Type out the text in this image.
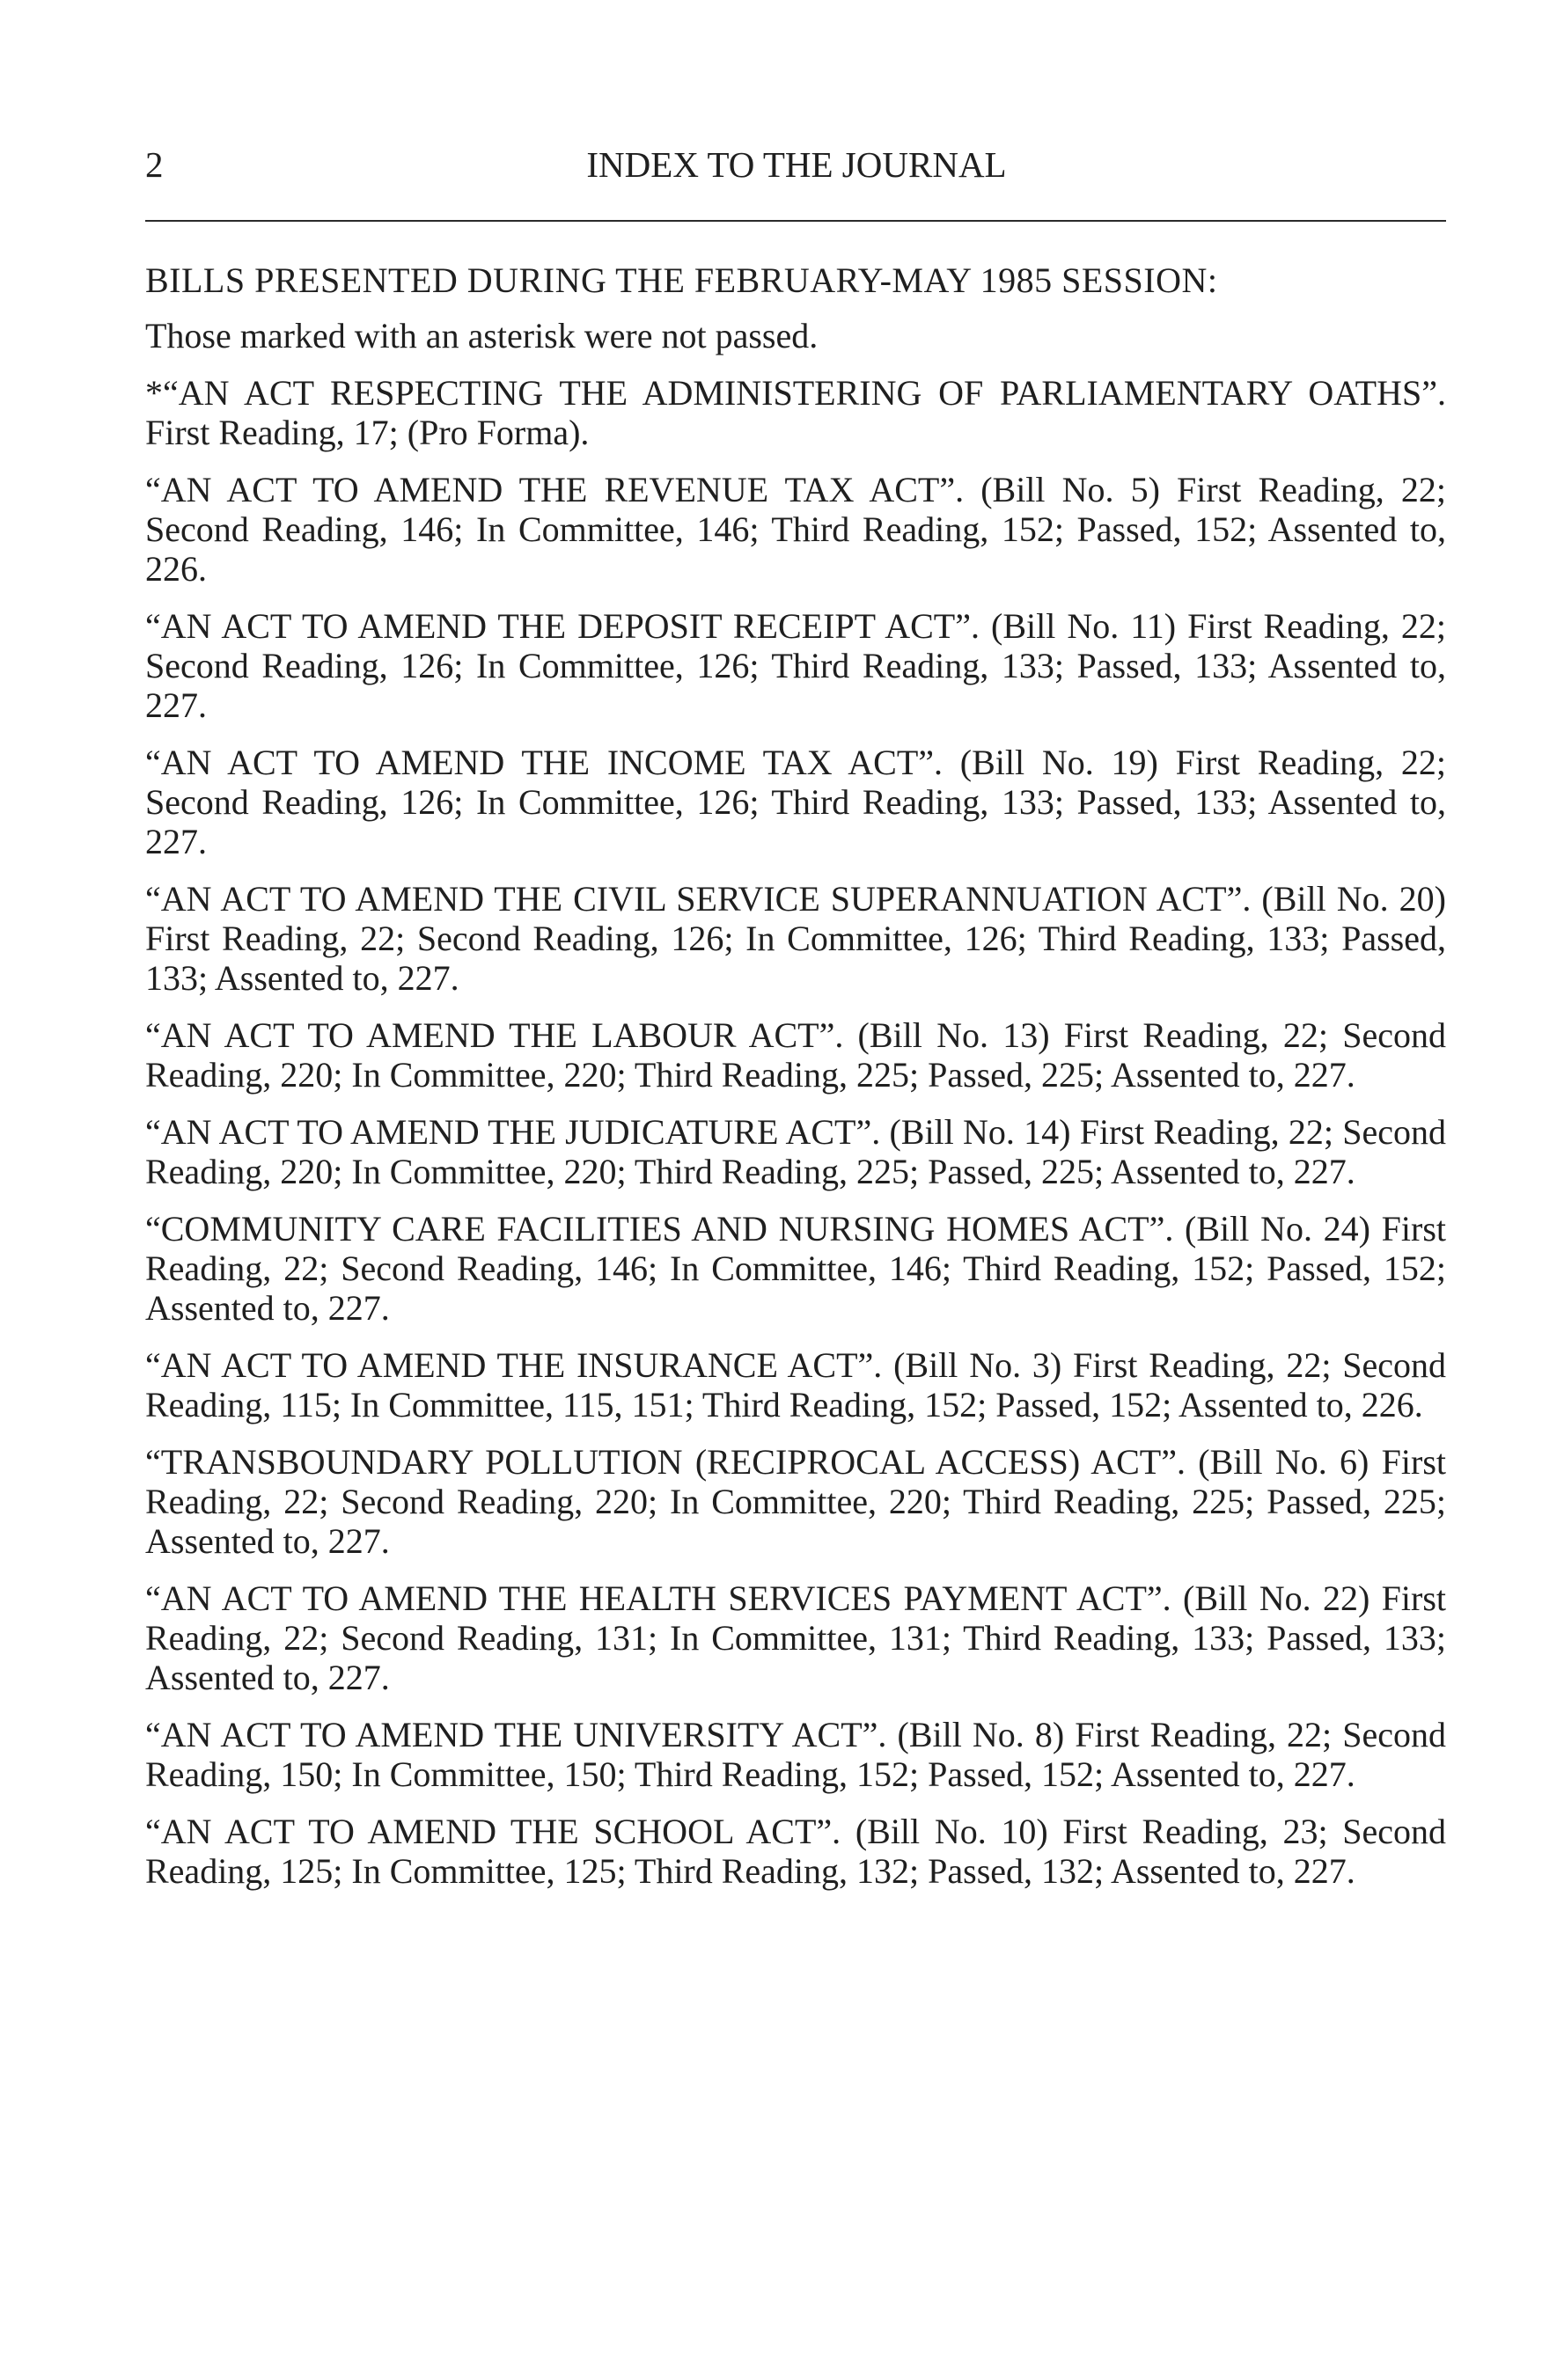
2	INDEX TO THE JOURNAL

BILLS PRESENTED DURING THE FEBRUARY-MAY 1985 SESSION:

Those marked with an asterisk were not passed.

*“AN ACT RESPECTING THE ADMINISTERING OF PARLIAMENTARY OATHS”. First Reading, 17; (Pro Forma).

“AN ACT TO AMEND THE REVENUE TAX ACT”. (Bill No. 5) First Reading, 22; Second Reading, 146; In Committee, 146; Third Reading, 152; Passed, 152; Assented to, 226.

“AN ACT TO AMEND THE DEPOSIT RECEIPT ACT”. (Bill No. 11) First Reading, 22; Second Reading, 126; In Committee, 126; Third Reading, 133; Passed, 133; Assented to, 227.

“AN ACT TO AMEND THE INCOME TAX ACT”. (Bill No. 19) First Reading, 22; Second Reading, 126; In Committee, 126; Third Reading, 133; Passed, 133; Assented to, 227.

“AN ACT TO AMEND THE CIVIL SERVICE SUPERANNUATION ACT”. (Bill No. 20) First Reading, 22; Second Reading, 126; In Committee, 126; Third Reading, 133; Passed, 133; Assented to, 227.

“AN ACT TO AMEND THE LABOUR ACT”. (Bill No. 13) First Reading, 22; Second Reading, 220; In Committee, 220; Third Reading, 225; Passed, 225; Assented to, 227.

“AN ACT TO AMEND THE JUDICATURE ACT”. (Bill No. 14) First Reading, 22; Second Reading, 220; In Committee, 220; Third Reading, 225; Passed, 225; Assented to, 227.

“COMMUNITY CARE FACILITIES AND NURSING HOMES ACT”. (Bill No. 24) First Reading, 22; Second Reading, 146; In Committee, 146; Third Reading, 152; Passed, 152; Assented to, 227.

“AN ACT TO AMEND THE INSURANCE ACT”. (Bill No. 3) First Reading, 22; Second Reading, 115; In Committee, 115, 151; Third Reading, 152; Passed, 152; Assented to, 226.

“TRANSBOUNDARY POLLUTION (RECIPROCAL ACCESS) ACT”. (Bill No. 6) First Reading, 22; Second Reading, 220; In Committee, 220; Third Reading, 225; Passed, 225; Assented to, 227.

“AN ACT TO AMEND THE HEALTH SERVICES PAYMENT ACT”. (Bill No. 22) First Reading, 22; Second Reading, 131; In Committee, 131; Third Reading, 133; Passed, 133; Assented to, 227.

“AN ACT TO AMEND THE UNIVERSITY ACT”. (Bill No. 8) First Reading, 22; Second Reading, 150; In Committee, 150; Third Reading, 152; Passed, 152; Assented to, 227.

“AN ACT TO AMEND THE SCHOOL ACT”. (Bill No. 10) First Reading, 23; Second Reading, 125; In Committee, 125; Third Reading, 132; Passed, 132; Assented to, 227.
